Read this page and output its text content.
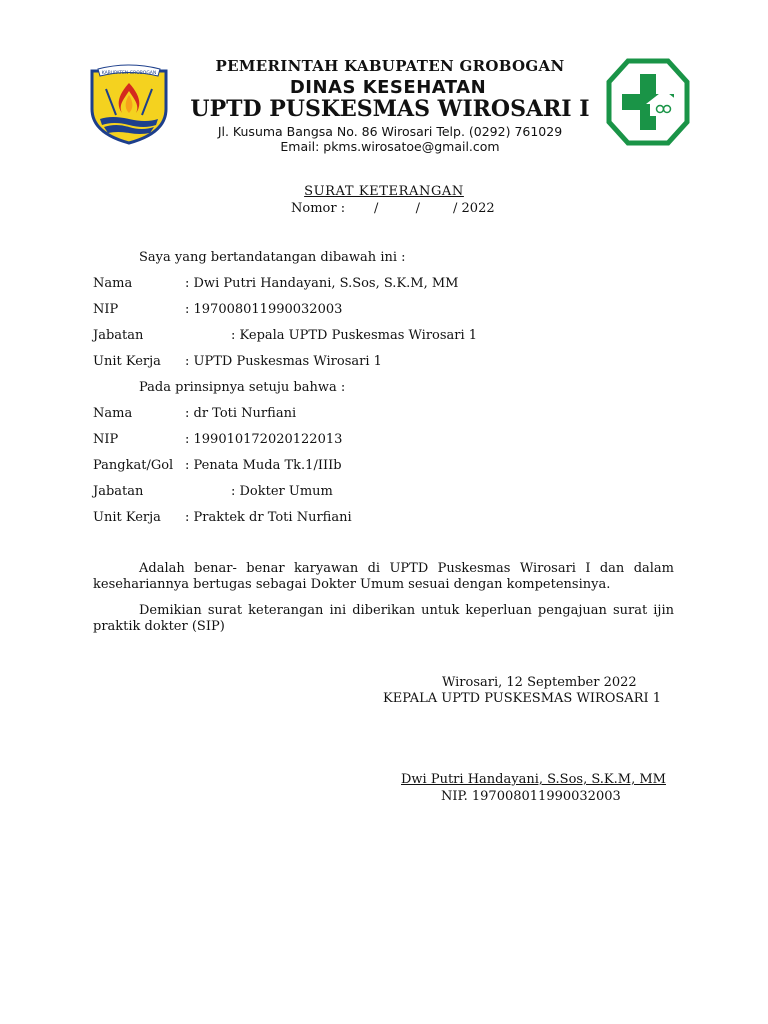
KABUPATEN GROBOGAN	PEMERINTAH KABUPATEN GROBOGAN
DINAS KESEHATAN
UPTD PUSKESMAS WIROSARI I
Jl. Kusuma Bangsa No. 86 Wirosari Telp. (0292) 761029
Email: pkms.wirosatoe@gmail.com
SURAT KETERANGAN
Nomor : /         /        / 2022
Saya yang bertandatangan dibawah ini :
Nama	: Dwi Putri Handayani, S.Sos, S.K.M, MM
NIP	: 197008011990032003
Jabatan	: Kepala UPTD Puskesmas Wirosari 1
Unit Kerja : UPTD Puskesmas Wirosari 1
Pada prinsipnya setuju bahwa :
Nama	: dr Toti Nurfiani
NIP	: 199010172020122013
Pangkat/Gol : Penata Muda Tk.1/IIIb
Jabatan	: Dokter Umum
Unit Kerja : Praktek dr Toti Nurfiani
Adalah benar- benar karyawan di UPTD Puskesmas Wirosari I dan dalam kesehariannya bertugas sebagai Dokter Umum sesuai dengan kompetensinya.
Demikian surat keterangan ini diberikan untuk keperluan pengajuan surat ijin praktik dokter (SIP)
Wirosari, 12 September 2022
KEPALA UPTD PUSKESMAS WIROSARI 1
Dwi Putri Handayani, S.Sos, S.K.M, MM
NIP. 197008011990032003
